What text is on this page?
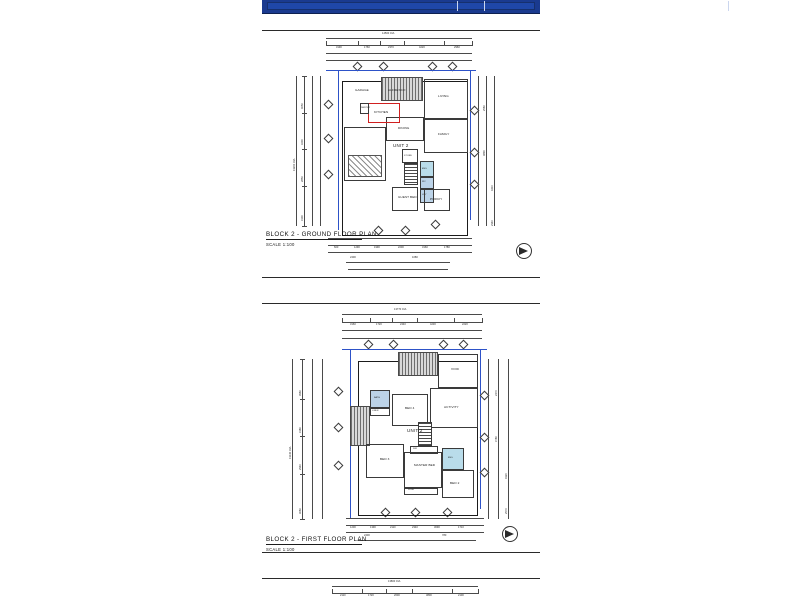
14500 O/A
3190	1760	2370	4220	2960
13200 O/A
4050
3200
2850
3100
2560
3890
4410
2340
ALFRESCO
LIVING
FAMILY
DINING
KITCHEN
PANTRY
GARAGE
GUEST BED
ENS
WC
LDY
STORE
PORCH
UNIT 2
600	1290	1990	2200	3160	1780
2400	1080
BLOCK 2 - GROUND FLOOR PLAN
SCALE 1:100
13770 O/A
3160	1720	2440	4230	2220
13140 O/A
3960
3180
2940
3060
2470
3780
4320
2570
VOID
ACTIVITY
BED 4
BATH
LINEN
BED 3
MASTER BED
WIR
ENS
BED 2
ROBE
UNIT 2
1200	1390	2110	2340	3090	1710
2400	780
BLOCK 2 - FIRST FLOOR PLAN
SCALE 1:100
13800 O/A
2110	1720	2600	3800	2100
